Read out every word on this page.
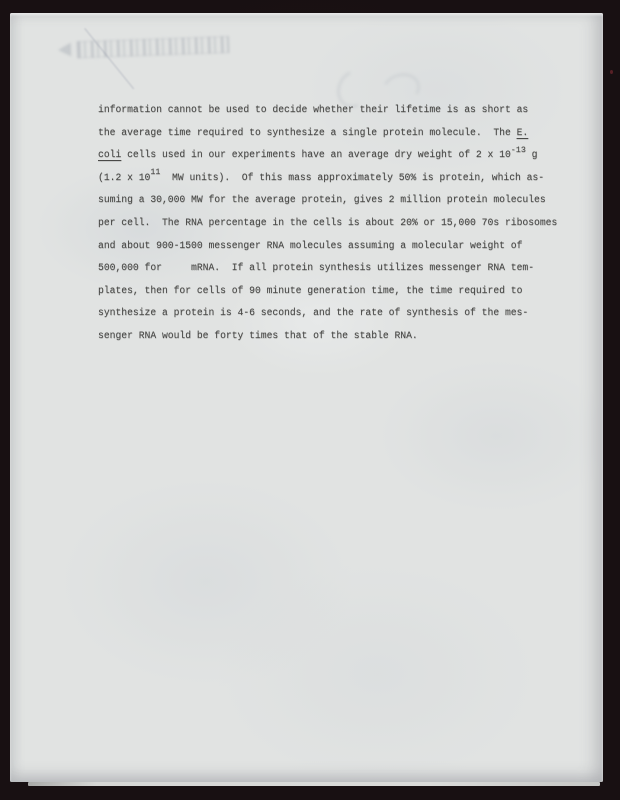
information cannot be used to decide whether their lifetime is as short as
the average time required to synthesize a single protein molecule.  The E.
coli cells used in our experiments have an average dry weight of 2 x 10-13 g
(1.2 x 1011  MW units).  Of this mass approximately 50% is protein, which as-
suming a 30,000 MW for the average protein, gives 2 million protein molecules
per cell.  The RNA percentage in the cells is about 20% or 15,000 70s ribosomes
and about 900-1500 messenger RNA molecules assuming a molecular weight of
500,000 for     mRNA.  If all protein synthesis utilizes messenger RNA tem-
plates, then for cells of 90 minute generation time, the time required to
synthesize a protein is 4-6 seconds, and the rate of synthesis of the mes-
senger RNA would be forty times that of the stable RNA.
